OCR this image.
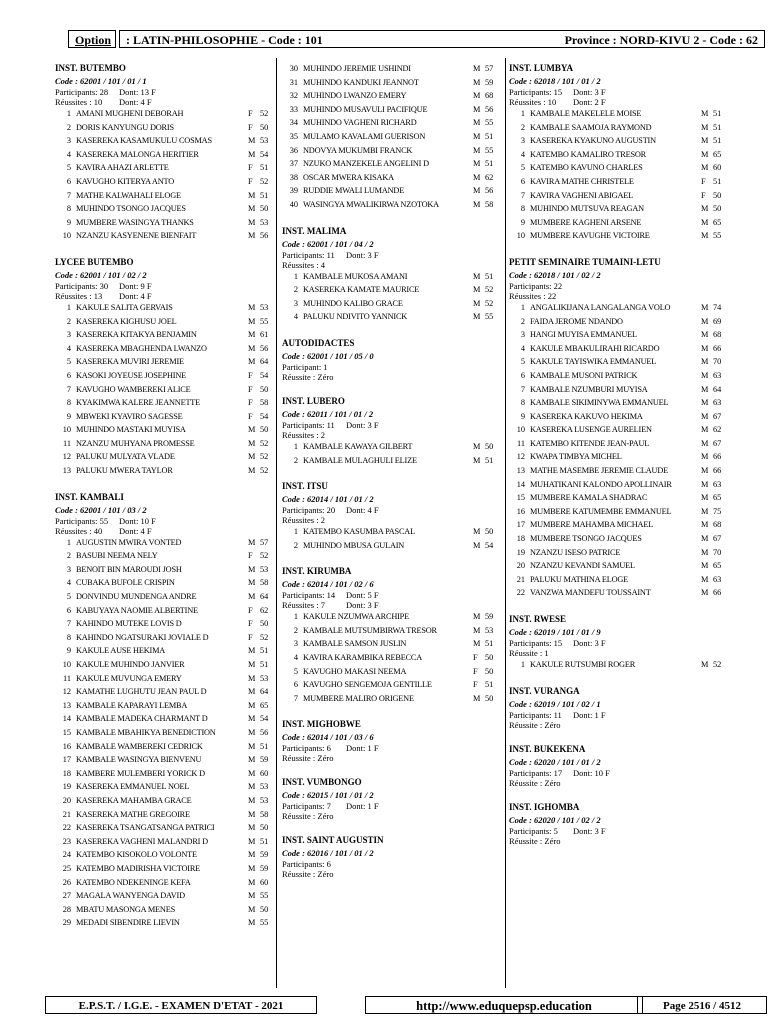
Option	: LATIN-PHILOSOPHIE - Code : 101	Province : NORD-KIVU 2 - Code : 62
INST. BUTEMBO
Code : 62001 / 101 / 01 / 1
Participants: 28 Dont: 13 F
Réussites : 10 Dont: 4 F
1 AMANI MUGHENI DEBORAH	F 52
2 DORIS KANYUNGU DORIS	F 50
3 KASEREKA KASAMUKULU COSMAS	M 53
4 KASEREKA MALONGA HERITIER	M 54
5 KAVIRA AHAZI ARLETTE	F 51
6 KAVUGHO KITERYA ANTO	F 52
7 MATHE KALWAHALI ELOGE	M 51
8 MUHINDO TSONGO JACQUES	M 50
9 MUMBERE WASINGYA THANKS	M 53
10 NZANZU KASYENENE BIENFAIT	M 56
LYCEE BUTEMBO
Code : 62001 / 101 / 02 / 2
Participants: 30 Dont: 9 F
Réussites : 13 Dont: 4 F
1 KAKULE SALITA GERVAIS	M 53
2 KASEREKA KIGHUSU JOEL	M 55
3 KASEREKA KITAKYA BENJAMIN	M 61
4 KASEREKA MBAGHENDA LWANZO	M 56
5 KASEREKA MUVIRI JEREMIE	M 64
6 KASOKI JOYEUSE JOSEPHINE	F 54
7 KAVUGHO WAMBEREKI ALICE	F 50
8 KYAKIMWA KALERE JEANNETTE	F 58
9 MBWEKI KYAVIRO SAGESSE	F 54
10 MUHINDO MASTAKI MUYISA	M 50
11 NZANZU MUHYANA PROMESSE	M 52
12 PALUKU MULYATA VLADE	M 52
13 PALUKU MWERA TAYLOR	M 52
INST. KAMBALI
Code : 62001 / 101 / 03 / 2
Participants: 55 Dont: 10 F
Réussites : 40 Dont: 4 F
1 AUGUSTIN MWIRA VONTED	M 57
2 BASUBI NEEMA NELY	F 52
3 BENOIT BIN MAROUDI JOSH	M 53
4 CUBAKA BUFOLE CRISPIN	M 58
5 DONVINDU MUNDENGA ANDRE	M 64
6 KABUYAYA NAOMIE ALBERTINE	F 62
7 KAHINDO MUTEKE LOVIS D	F 50
8 KAHINDO NGATSURAKI JOVIALE D	F 52
9 KAKULE AUSE HEKIMA	M 51
10 KAKULE MUHINDO JANVIER	M 51
11 KAKULE MUVUNGA EMERY	M 53
12 KAMATHE LUGHUTU JEAN PAUL D	M 64
13 KAMBALE KAPARAYI LEMBA	M 65
14 KAMBALE MADEKA CHARMANT D	M 54
15 KAMBALE MBAHIKYA BENEDICTION	M 56
16 KAMBALE WAMBEREKI CEDRICK	M 51
17 KAMBALE WASINGYA BIENVENU	M 59
18 KAMBERE MULEMBERI YORICK D	M 60
19 KASEREKA EMMANUEL NOEL	M 53
20 KASEREKA MAHAMBA GRACE	M 53
21 KASEREKA MATHE GREGOIRE	M 58
22 KASEREKA TSANGATSANGA PATRICI	M 50
23 KASEREKA VAGHENI MALANDRI D	M 51
24 KATEMBO KISOKOLO VOLONTE	M 59
25 KATEMBO MADIRISHA VICTOIRE	M 59
26 KATEMBO NDEKENINGE KEFA	M 60
27 MAGALA WANYENGA DAVID	M 55
28 MBATU MASONGA MENES	M 50
29 MEDADI SIBENDIRE LIEVIN	M 55
30 MUHINDO JEREMIE USHINDI	M 57
31 MUHINDO KANDUKI JEANNOT	M 59
32 MUHINDO LWANZO EMERY	M 68
33 MUHINDO MUSAVULI PACIFIQUE	M 56
34 MUHINDO VAGHENI RICHARD	M 55
35 MULAMO KAVALAMI GUERISON	M 51
36 NDOVYA MUKUMBI FRANCK	M 55
37 NZUKO MANZEKELE ANGELINI D	M 51
38 OSCAR MWERA KISAKA	M 62
39 RUDDIE MWALI LUMANDE	M 56
40 WASINGYA MWALIKIRWA NZOTOKA	M 58
INST. MALIMA
Code : 62001 / 101 / 04 / 2
Participants: 11 Dont: 3 F
Réussites : 4
1 KAMBALE MUKOSA AMANI	M 51
2 KASEREKA KAMATE MAURICE	M 52
3 MUHINDO KALIBO GRACE	M 52
4 PALUKU NDIVITO YANNICK	M 55
AUTODIDACTES
Code : 62001 / 101 / 05 / 0
Participant: 1
Réussite : Zéro
INST. LUBERO
Code : 62011 / 101 / 01 / 2
Participants: 11 Dont: 3 F
Réussites : 2
1 KAMBALE KAWAYA GILBERT	M 50
2 KAMBALE MULAGHULI ELIZE	M 51
INST. ITSU
Code : 62014 / 101 / 01 / 2
Participants: 20 Dont: 4 F
Réussites : 2
1 KATEMBO KASUMBA PASCAL	M 50
2 MUHINDO MBUSA GULAIN	M 54
INST. KIRUMBA
Code : 62014 / 101 / 02 / 6
Participants: 14 Dont: 5 F
Réussites : 7 Dont: 3 F
1 KAKULE NZUMWA ARCHIPE	M 59
2 KAMBALE MUTSUMBIRWA TRESOR	M 53
3 KAMBALE SAMSON JUSLIN	M 51
4 KAVIRA KARAMBIKA REBECCA	F 50
5 KAVUGHO MAKASI NEEMA	F 50
6 KAVUGHO SENGEMOJA GENTILLE	F 51
7 MUMBERE MALIRO ORIGENE	M 50
INST. MIGHOBWE
Code : 62014 / 101 / 03 / 6
Participants: 6 Dont: 1 F
Réussite : Zéro
INST. VUMBONGO
Code : 62015 / 101 / 01 / 2
Participants: 7 Dont: 1 F
Réussite : Zéro
INST. SAINT AUGUSTIN
Code : 62016 / 101 / 01 / 2
Participants: 6
Réussite : Zéro
INST. LUMBYA
Code : 62018 / 101 / 01 / 2
Participants: 15 Dont: 3 F
Réussites : 10 Dont: 2 F
1 KAMBALE MAKELELE MOISE	M 51
2 KAMBALE SAAMOJA RAYMOND	M 51
3 KASEREKA KYAKUNO AUGUSTIN	M 51
4 KATEMBO KAMALIRO TRESOR	M 65
5 KATEMBO KAVUNO CHARLES	M 60
6 KAVIRA MATHE CHRISTELE	F 51
7 KAVIRA VAGHENI ABIGAEL	F 50
8 MUHINDO MUTSUVA REAGAN	M 50
9 MUMBERE KAGHENI ARSENE	M 65
10 MUMBERE KAVUGHE VICTOIRE	M 55
PETIT SEMINAIRE TUMAINI-LETU
Code : 62018 / 101 / 02 / 2
Participants: 22
Réussites : 22
1 ANGALIKIJANA LANGALANGA VOLO	M 74
2 FAIDA JEROME NDANDO	M 69
3 HANGI MUYISA EMMANUEL	M 68
4 KAKULE MBAKULIRAHI RICARDO	M 66
5 KAKULE TAYISWIKA EMMANUEL	M 70
6 KAMBALE MUSONI PATRICK	M 63
7 KAMBALE NZUMBURI MUYISA	M 64
8 KAMBALE SIKIMINYWA EMMANUEL	M 63
9 KASEREKA KAKUVO HEKIMA	M 67
10 KASEREKA LUSENGE AURELIEN	M 62
11 KATEMBO KITENDE JEAN-PAUL	M 67
12 KWAPA TIMBYA MICHEL	M 66
13 MATHE MASEMBE JEREMIE CLAUDE	M 66
14 MUHATIKANI KALONDO APOLLINAIR	M 63
15 MUMBERE KAMALA SHADRAC	M 65
16 MUMBERE KATUMEMBE EMMANUEL	M 75
17 MUMBERE MAHAMBA MICHAEL	M 68
18 MUMBERE TSONGO JACQUES	M 67
19 NZANZU ISESO PATRICE	M 70
20 NZANZU KEVANDI SAMUEL	M 65
21 PALUKU MATHINA ELOGE	M 63
22 VANZWA MANDEFU TOUSSAINT	M 66
INST. RWESE
Code : 62019 / 101 / 01 / 9
Participants: 15 Dont: 3 F
Réussite : 1
1 KAKULE RUTSUMBI ROGER	M 52
INST. VURANGA
Code : 62019 / 101 / 02 / 1
Participants: 11 Dont: 1 F
Réussite : Zéro
INST. BUKEKENA
Code : 62020 / 101 / 01 / 2
Participants: 17 Dont: 10 F
Réussite : Zéro
INST. IGHOMBA
Code : 62020 / 101 / 02 / 2
Participants: 5 Dont: 3 F
Réussite : Zéro
E.P.S.T. / I.G.E. - EXAMEN D'ETAT - 2021	http://www.eduquepsp.education	Page 2516 / 4512
